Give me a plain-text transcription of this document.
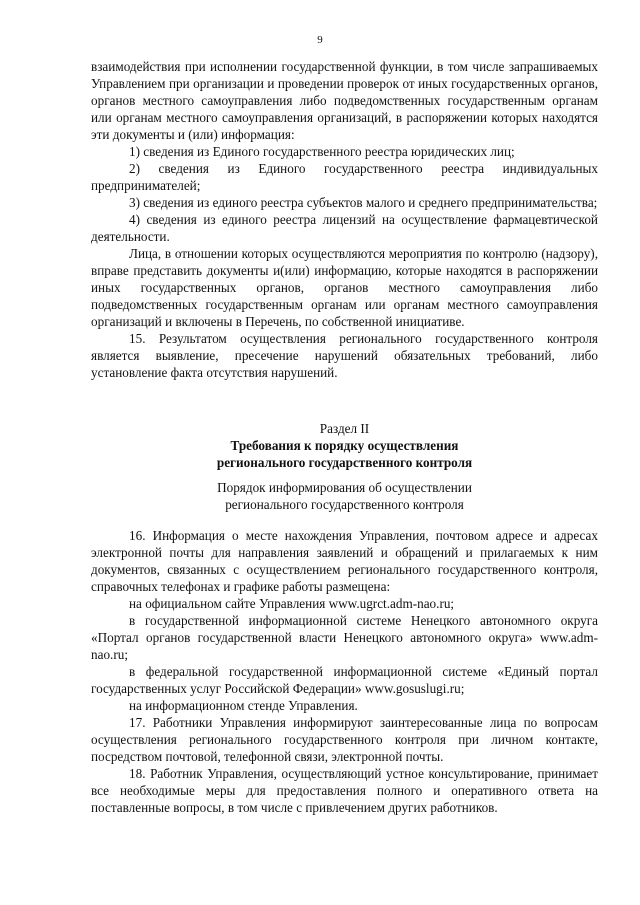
9

взаимодействия при исполнении государственной функции, в том числе запрашиваемых Управлением при организации и проведении проверок от иных государственных органов, органов местного самоуправления либо подведомственных государственным органам или органам местного самоуправления организаций, в распоряжении которых находятся эти документы и (или) информация:

1) сведения из Единого государственного реестра юридических лиц;

2) сведения из Единого государственного реестра индивидуальных предпринимателей;

3) сведения из единого реестра субъектов малого и среднего предпринимательства;

4) сведения из единого реестра лицензий на осуществление фармацевтической деятельности.

Лица, в отношении которых осуществляются мероприятия по контролю (надзору), вправе представить документы и(или) информацию, которые находятся в распоряжении иных государственных органов, органов местного самоуправления либо подведомственных государственным органам или органам местного самоуправления организаций и включены в Перечень, по собственной инициативе.

15. Результатом осуществления регионального государственного контроля является выявление, пресечение нарушений обязательных требований, либо установление факта отсутствия нарушений.

Раздел II

Требования к порядку осуществления

регионального государственного контроля

Порядок информирования об осуществлении

регионального государственного контроля

16. Информация о месте нахождения Управления, почтовом адресе и адресах электронной почты для направления заявлений и обращений и прилагаемых к ним документов, связанных с осуществлением регионального государственного контроля, справочных телефонах и графике работы размещена:

на официальном сайте Управления www.ugrct.adm-nao.ru;

в государственной информационной системе Ненецкого автономного округа «Портал органов государственной власти Ненецкого автономного округа» www.adm-nao.ru;

в федеральной государственной информационной системе «Единый портал государственных услуг Российской Федерации» www.gosuslugi.ru;

на информационном стенде Управления.

17. Работники Управления информируют заинтересованные лица по вопросам осуществления регионального государственного контроля при личном контакте, посредством почтовой, телефонной связи, электронной почты.

18. Работник Управления, осуществляющий устное консультирование, принимает все необходимые меры для предоставления полного и оперативного ответа на поставленные вопросы, в том числе с привлечением других работников.
